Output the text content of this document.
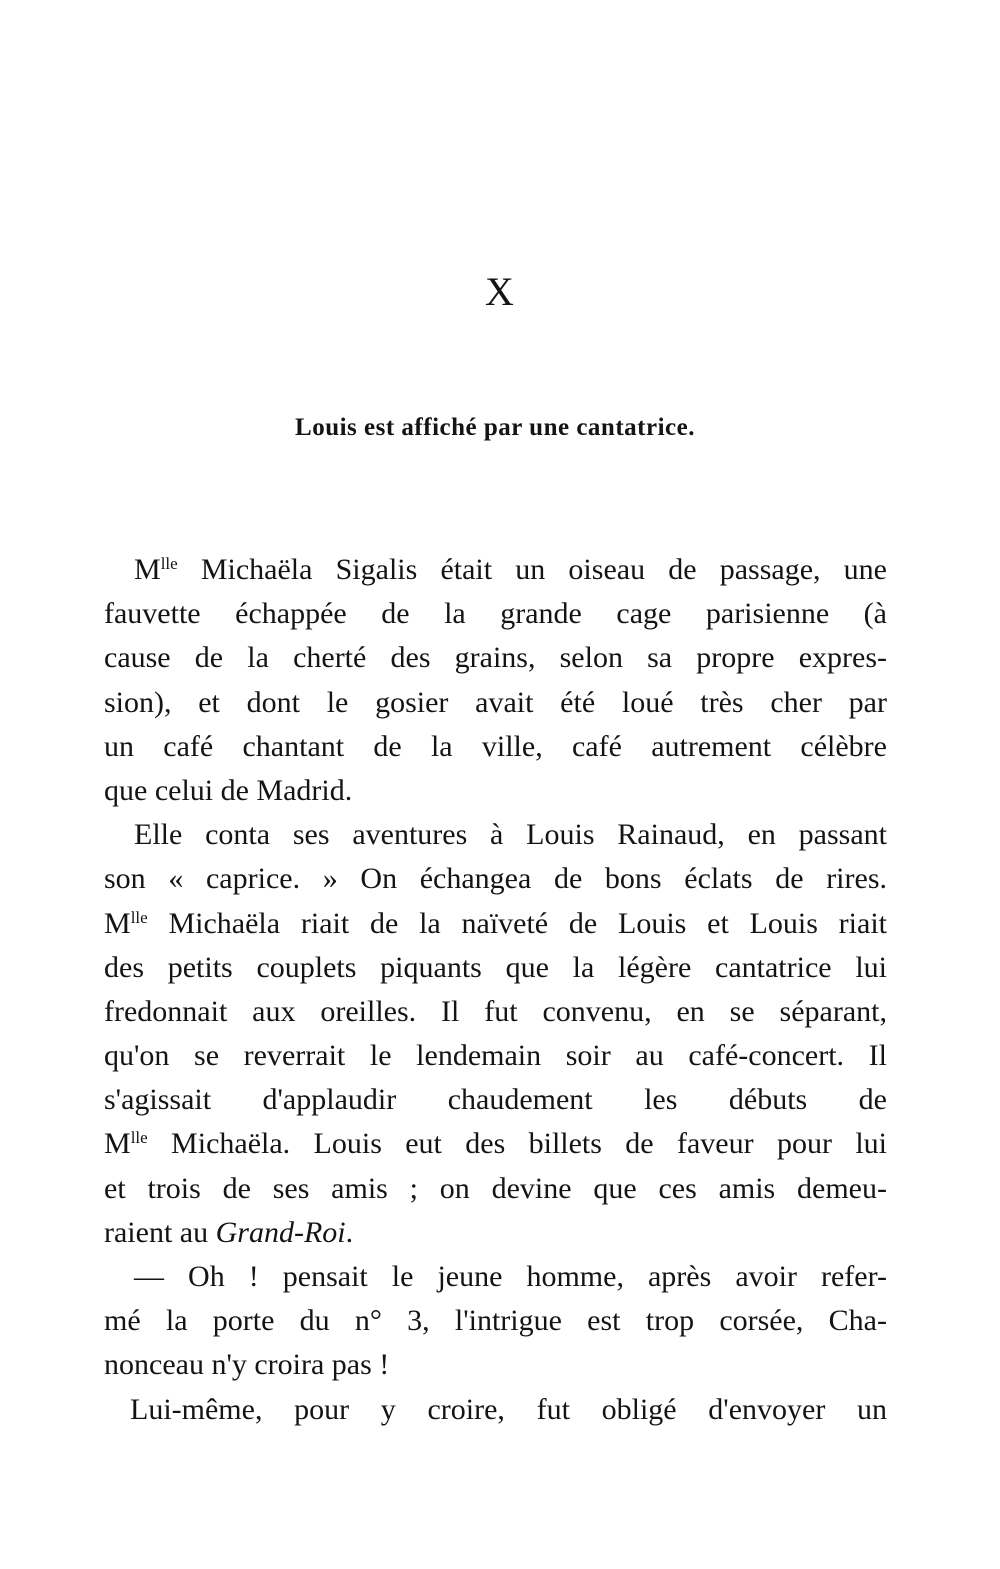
X
Louis est affiché par une cantatrice.
$M^{lle}$ Michaëla Sigalis était un oiseau de passage, une
fauvette échappée de la grande cage parisienne (à
cause de la cherté des grains, selon sa propre expres-
sion), et dont le gosier avait été loué très cher par
un café chantant de la ville, café autrement célèbre
que celui de Madrid.
Elle conta ses aventures à Louis Rainaud, en passant
son « caprice. » On échangea de bons éclats de rires.
$M^{lle}$ Michaëla riait de la naïveté de Louis et Louis riait
des petits couplets piquants que la légère cantatrice lui
fredonnait aux oreilles. Il fut convenu, en se séparant,
qu'on se reverrait le lendemain soir au café-concert. Il
s'agissait d'applaudir chaudement les débuts de
$M^{lle}$ Michaëla. Louis eut des billets de faveur pour lui
et trois de ses amis ; on devine que ces amis demeu-
raient au Grand-Roi.
— Oh ! pensait le jeune homme, après avoir refer-
mé la porte du n° 3, l'intrigue est trop corsée, Cha-
nonceau n'y croira pas !
Lui-même, pour y croire, fut obligé d'envoyer un
